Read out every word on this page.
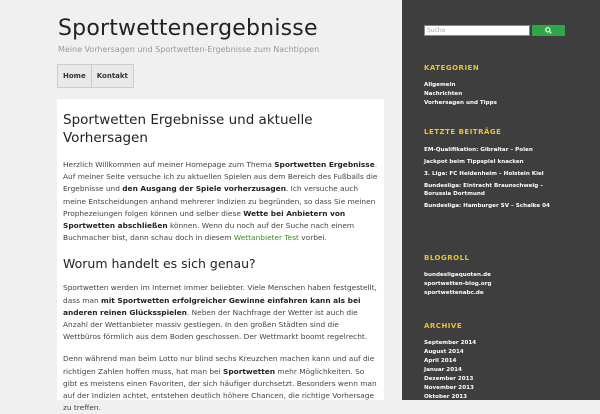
Sportwettenergebnisse
Meine Vorhersagen und Sportwetten-Ergebnisse zum Nachtippen
Home	Kontakt
Sportwetten Ergebnisse und aktuelle Vorhersagen

Herzlich Willkommen auf meiner Homepage zum Thema Sportwetten Ergebnisse. Auf meiner Seite versuche ich zu aktuellen Spielen aus dem Bereich des Fußballs die Ergebnisse und den Ausgang der Spiele vorherzusagen. Ich versuche auch meine Entscheidungen anhand mehrerer Indizien zu begründen, so dass Sie meinen Prophezeiungen folgen können und selber diese Wette bei Anbietern von Sportwetten abschließen können. Wenn du noch auf der Suche nach einem Buchmacher bist, dann schau doch in diesem Wettanbieter Test vorbei.

Worum handelt es sich genau?

Sportwetten werden im Internet immer beliebter. Viele Menschen haben festgestellt, dass man mit Sportwetten erfolgreicher Gewinne einfahren kann als bei anderen reinen Glücksspielen. Neben der Nachfrage der Wetter ist auch die Anzahl der Wettanbieter massiv gestiegen. In den großen Städten sind die Wettbüros förmlich aus dem Boden geschossen. Der Wettmarkt boomt regelrecht.

Denn während man beim Lotto nur blind sechs Kreuzchen machen kann und auf die richtigen Zahlen hoffen muss, hat man bei Sportwetten mehr Möglichkeiten. So gibt es meistens einen Favoriten, der sich häufiger durchsetzt. Besonders wenn man auf der Indizien achtet, entstehen deutlich höhere Chancen, die richtige Vorhersage zu treffen.

Suche
KATEGORIEN
Allgemein
Nachrichten
Vorhersagen und Tipps
LETZTE BEITRÄGE
EM-Qualifikation: Gibraltar – Polen
Jackpot beim Tippspiel knacken
3. Liga: FC Heidenheim – Holstein Kiel
Bundesliga: Eintracht Braunschweig – Borussia Dortmund
Bundesliga: Hamburger SV – Schalke 04
BLOGROLL
bundesligaquoten.de
sportwetten-blog.org
sportwettenabc.de
ARCHIVE
September 2014
August 2014
April 2014
Januar 2014
Dezember 2013
November 2013
Oktober 2013
